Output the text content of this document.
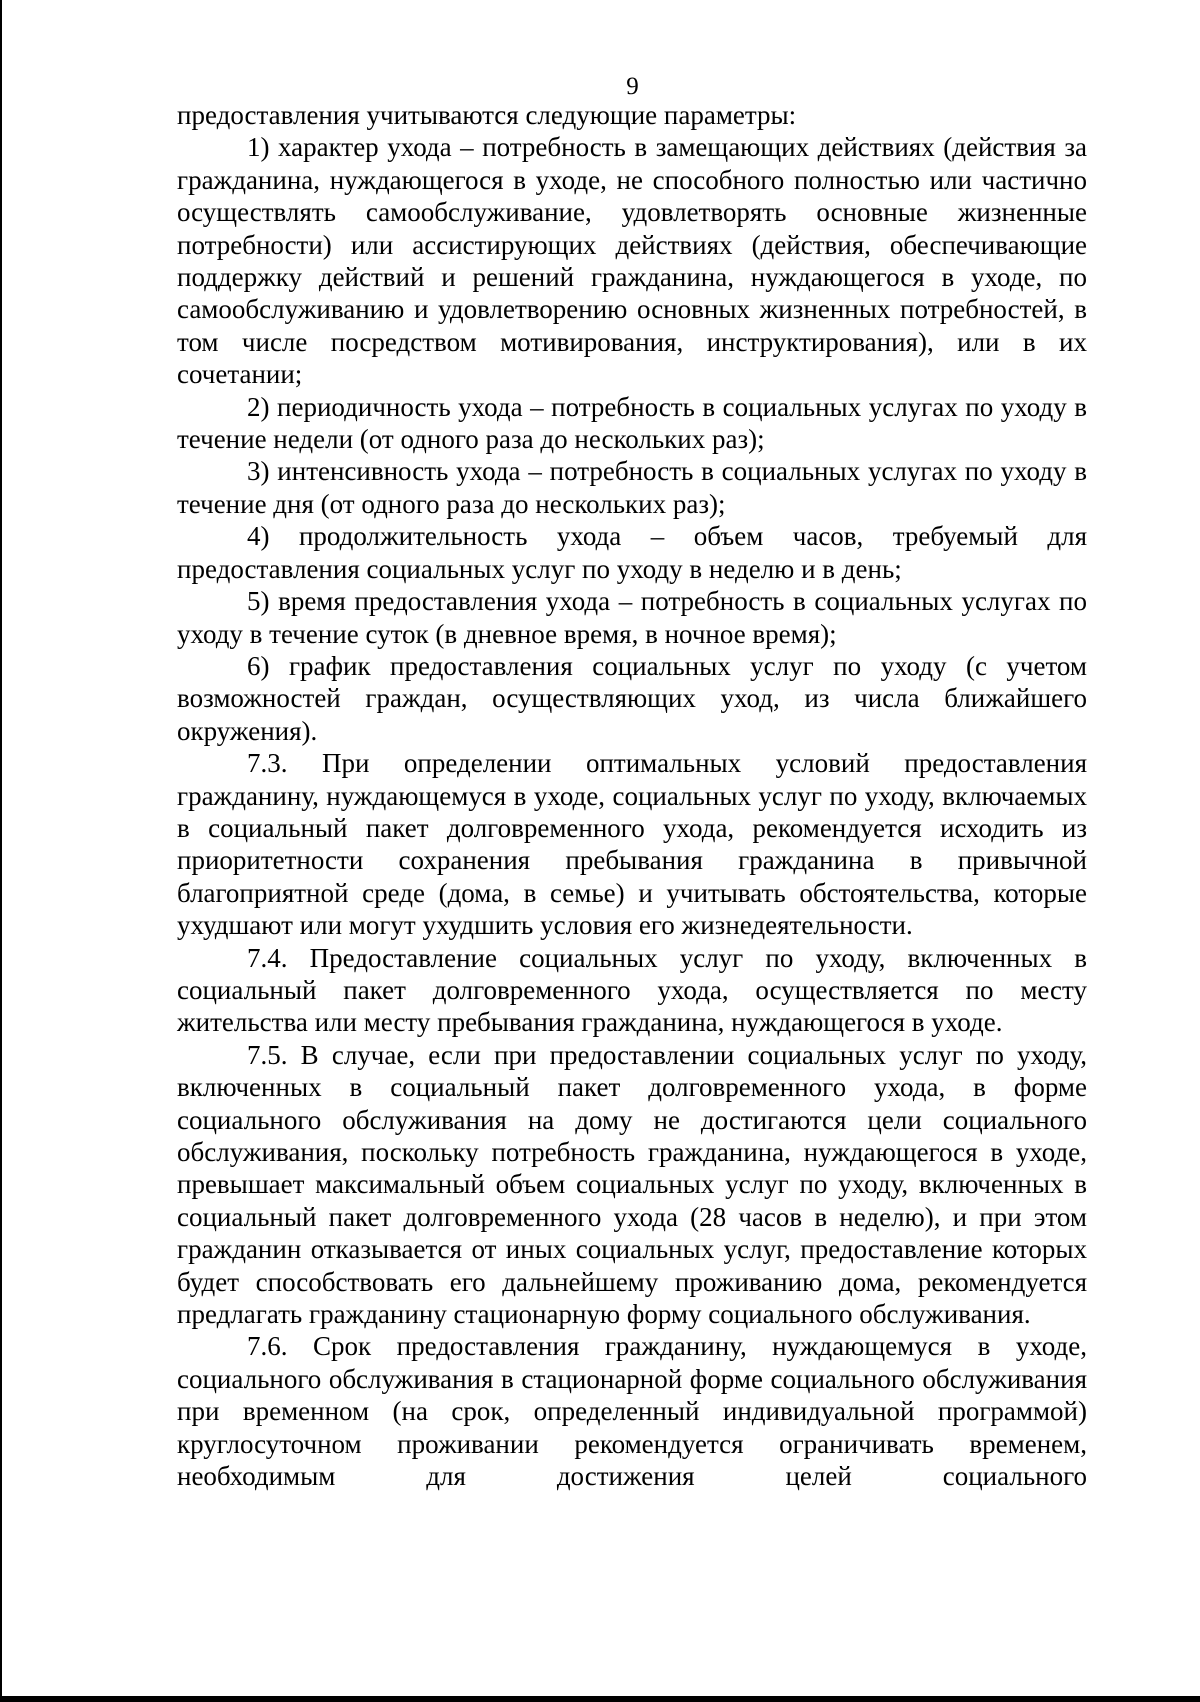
9

предоставления учитываются следующие параметры:

1) характер ухода – потребность в замещающих действиях (действия за гражданина, нуждающегося в уходе, не способного полностью или частично осуществлять самообслуживание, удовлетворять основные жизненные потребности) или ассистирующих действиях (действия, обеспечивающие поддержку действий и решений гражданина, нуждающегося в уходе, по самообслуживанию и удовлетворению основных жизненных потребностей, в том числе посредством мотивирования, инструктирования), или в их сочетании;

2) периодичность ухода – потребность в социальных услугах по уходу в течение недели (от одного раза до нескольких раз);

3) интенсивность ухода – потребность в социальных услугах по уходу в течение дня (от одного раза до нескольких раз);

4) продолжительность ухода – объем часов, требуемый для предоставления социальных услуг по уходу в неделю и в день;

5) время предоставления ухода – потребность в социальных услугах по уходу в течение суток (в дневное время, в ночное время);

6) график предоставления социальных услуг по уходу (с учетом возможностей граждан, осуществляющих уход, из числа ближайшего окружения).

7.3. При определении оптимальных условий предоставления гражданину, нуждающемуся в уходе, социальных услуг по уходу, включаемых в социальный пакет долговременного ухода, рекомендуется исходить из приоритетности сохранения пребывания гражданина в привычной благоприятной среде (дома, в семье) и учитывать обстоятельства, которые ухудшают или могут ухудшить условия его жизнедеятельности.

7.4. Предоставление социальных услуг по уходу, включенных в социальный пакет долговременного ухода, осуществляется по месту жительства или месту пребывания гражданина, нуждающегося в уходе.

7.5. В случае, если при предоставлении социальных услуг по уходу, включенных в социальный пакет долговременного ухода, в форме социального обслуживания на дому не достигаются цели социального обслуживания, поскольку потребность гражданина, нуждающегося в уходе, превышает максимальный объем социальных услуг по уходу, включенных в социальный пакет долговременного ухода (28 часов в неделю), и при этом гражданин отказывается от иных социальных услуг, предоставление которых будет способствовать его дальнейшему проживанию дома, рекомендуется предлагать гражданину стационарную форму социального обслуживания.

7.6. Срок предоставления гражданину, нуждающемуся в уходе, социального обслуживания в стационарной форме социального обслуживания при временном (на срок, определенный индивидуальной программой) круглосуточном проживании рекомендуется ограничивать временем, необходимым для достижения целей социального
